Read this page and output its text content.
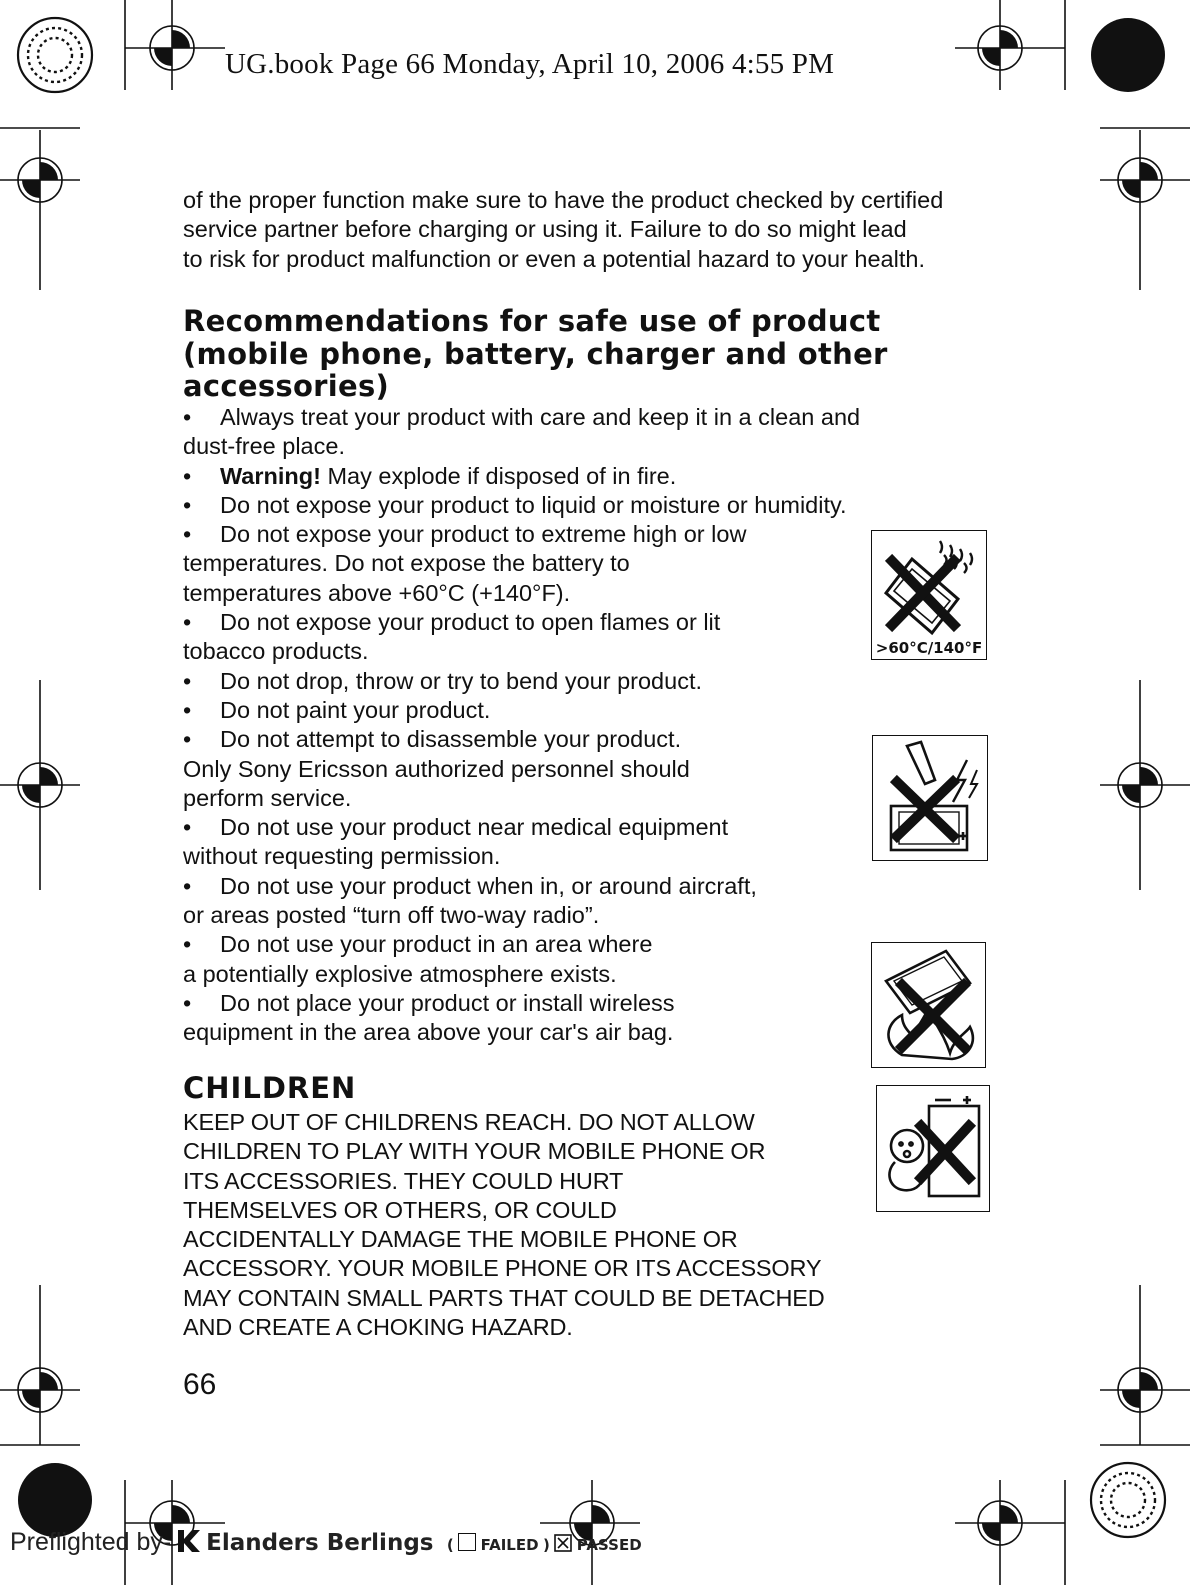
UG.book Page 66 Monday, April 10, 2006 4:55 PM

of the proper function make sure to have the product checked by certified

service partner before charging or using it. Failure to do so might lead

to risk for product malfunction or even a potential hazard to your health.

Recommendations for safe use of product
(mobile phone, battery, charger and other
accessories)
• Always treat your product with care and keep it in a clean and
dust-free place.
• Warning! May explode if disposed of in fire.
• Do not expose your product to liquid or moisture or humidity.
• Do not expose your product to extreme high or low
temperatures. Do not expose the battery to
temperatures above +60°C (+140°F).
• Do not expose your product to open flames or lit
tobacco products.
• Do not drop, throw or try to bend your product.
• Do not paint your product.
• Do not attempt to disassemble your product.
Only Sony Ericsson authorized personnel should
perform service.
• Do not use your product near medical equipment
without requesting permission.
• Do not use your product when in, or around aircraft,
or areas posted “turn off two-way radio”.
• Do not use your product in an area where
a potentially explosive atmosphere exists.
• Do not place your product or install wireless
equipment in the area above your car's air bag.
>60°C/140°F
CHILDREN
KEEP OUT OF CHILDRENS REACH. DO NOT ALLOW
CHILDREN TO PLAY WITH YOUR MOBILE PHONE OR
ITS ACCESSORIES. THEY COULD HURT
THEMSELVES OR OTHERS, OR COULD
ACCIDENTALLY DAMAGE THE MOBILE PHONE OR
ACCESSORY. YOUR MOBILE PHONE OR ITS ACCESSORY
MAY CONTAIN SMALL PARTS THAT COULD BE DETACHED
AND CREATE A CHOKING HAZARD.
66
Preflighted by- Elanders Berlings ( FAILED ) PASSED
